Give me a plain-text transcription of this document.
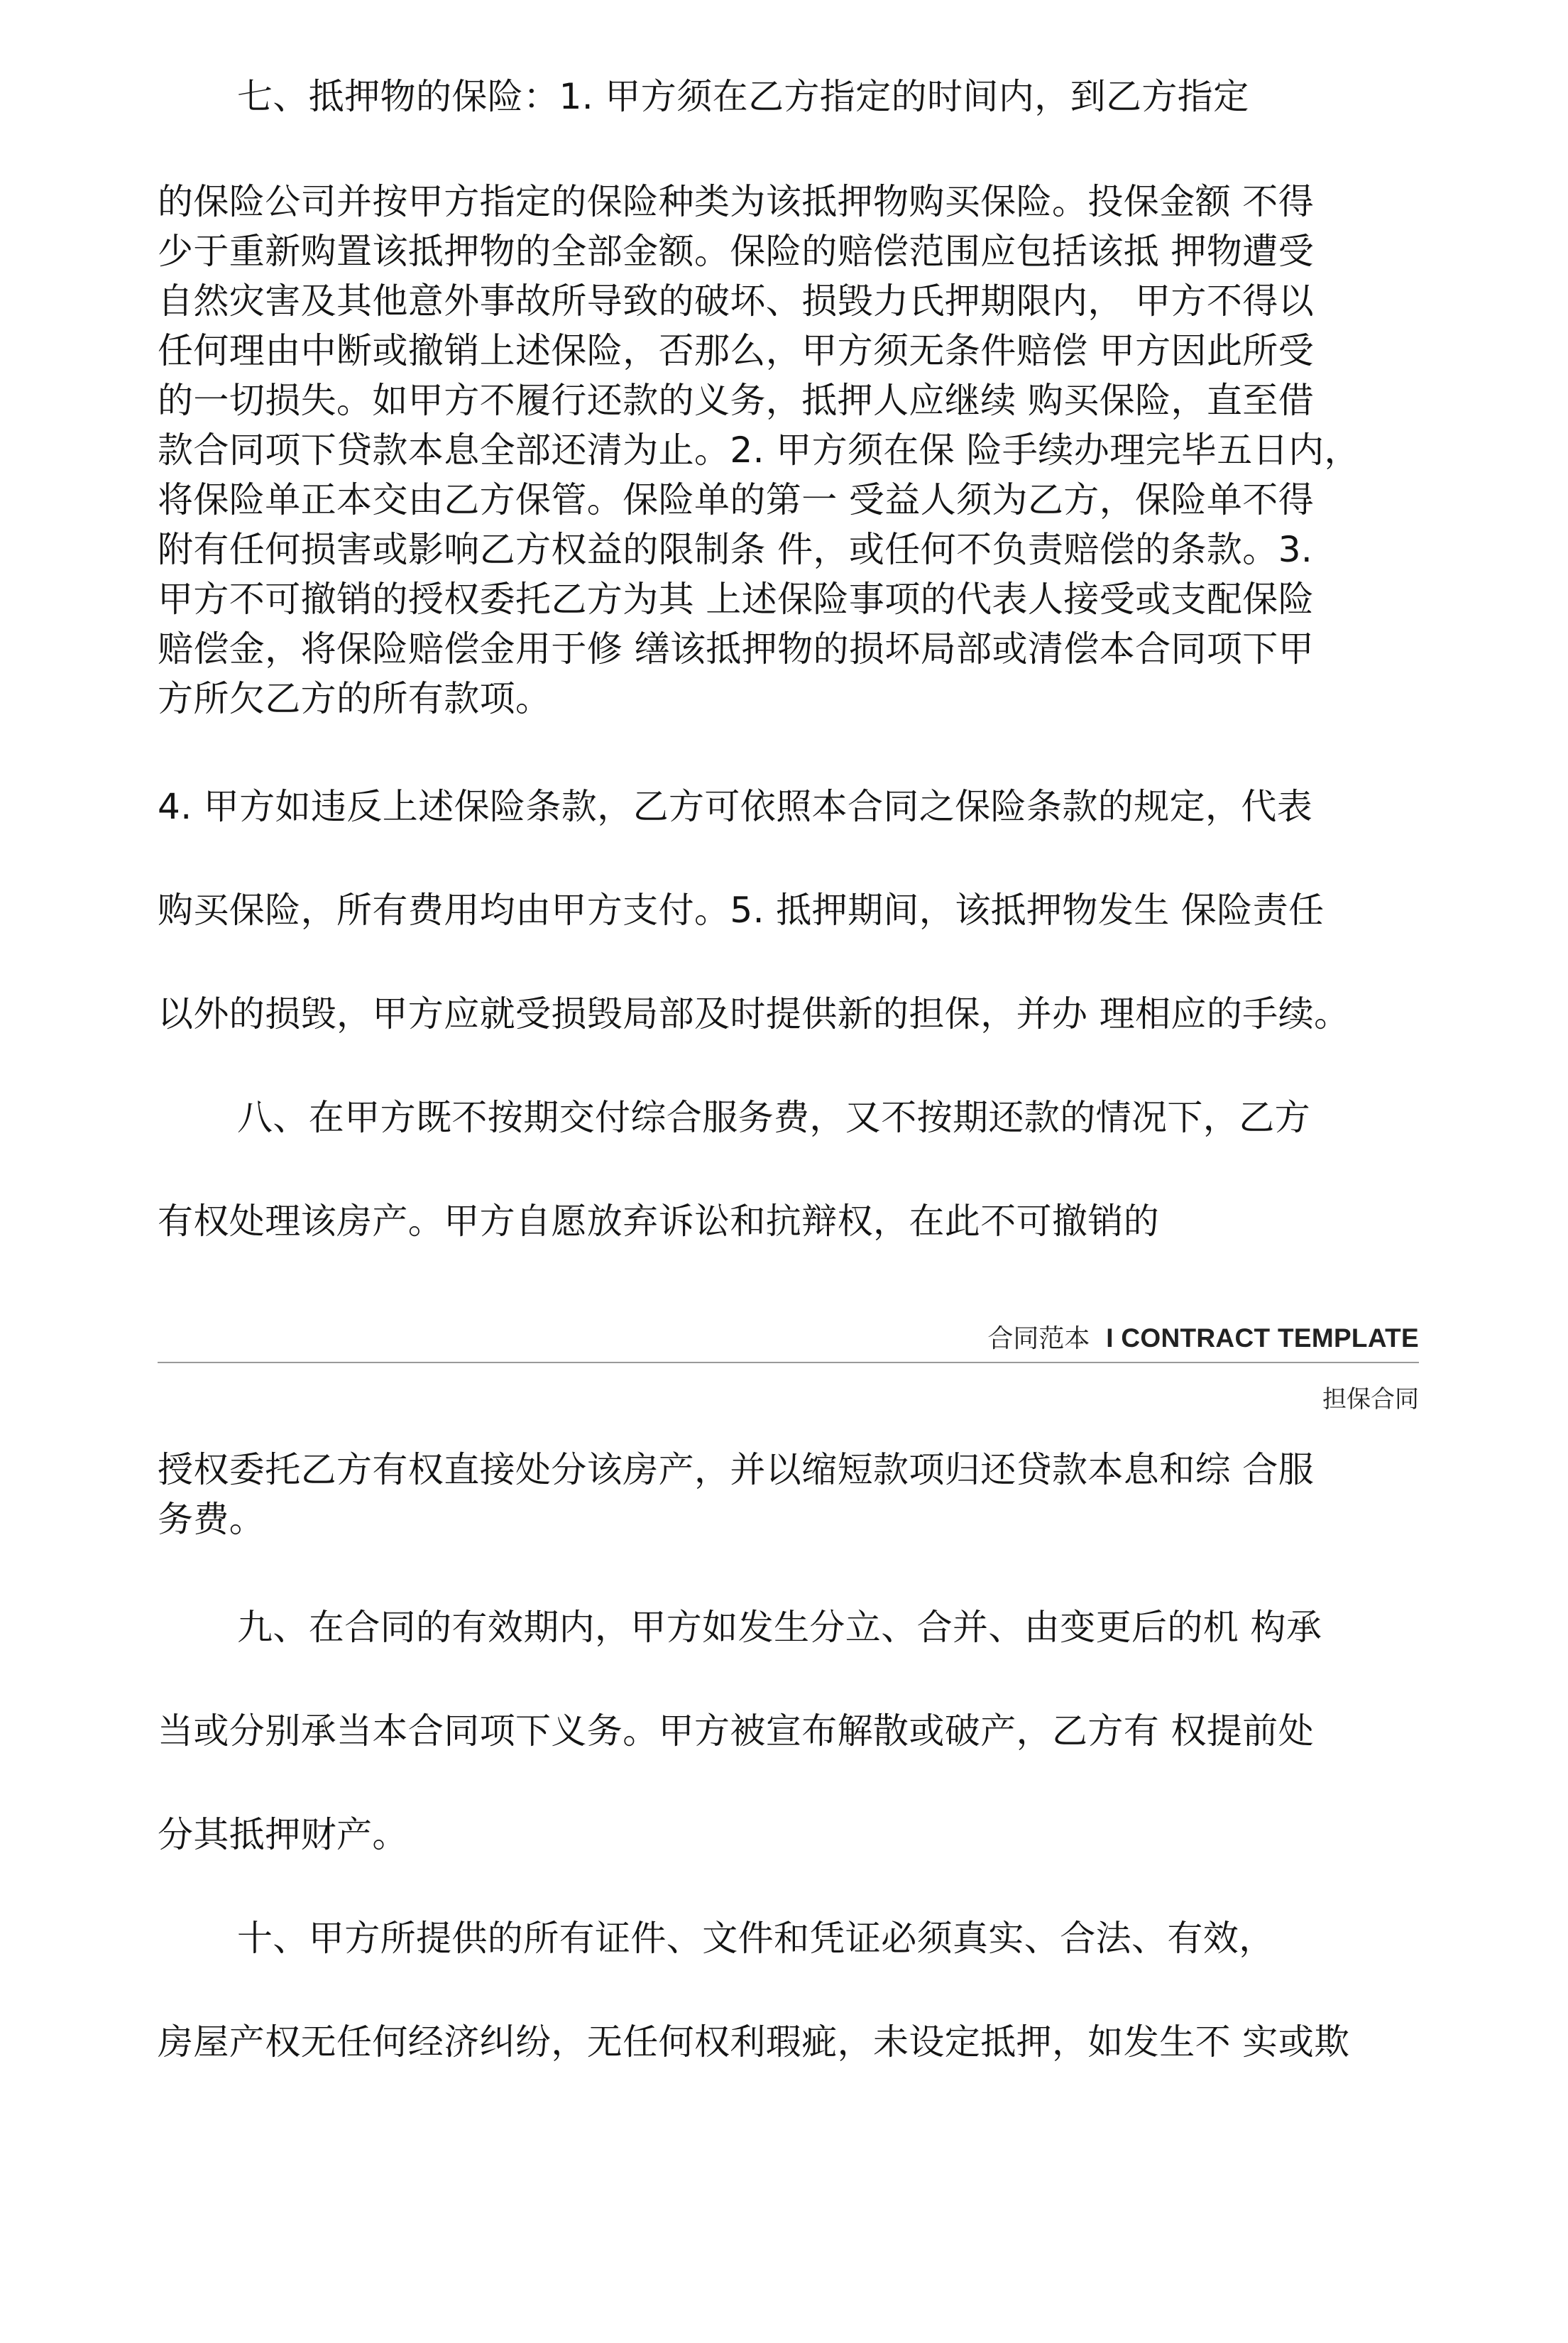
七、抵押物的保险：1. 甲方须在乙方指定的时间内，到乙方指定
的保险公司并按甲方指定的保险种类为该抵押物购买保险。投保金额 不得
少于重新购置该抵押物的全部金额。保险的赔偿范围应包括该抵 押物遭受
自然灾害及其他意外事故所导致的破坏、损毁力氏押期限内， 甲方不得以
任何理由中断或撤销上述保险，否那么，甲方须无条件赔偿 甲方因此所受
的一切损失。如甲方不履行还款的义务，抵押人应继续 购买保险，直至借
款合同项下贷款本息全部还清为止。2. 甲方须在保 险手续办理完毕五日内，
将保险单正本交由乙方保管。保险单的第一 受益人须为乙方，保险单不得
附有任何损害或影响乙方权益的限制条 件，或任何不负责赔偿的条款。3.
甲方不可撤销的授权委托乙方为其 上述保险事项的代表人接受或支配保险
赔偿金，将保险赔偿金用于修 缮该抵押物的损坏局部或清偿本合同项下甲
方所欠乙方的所有款项。
4. 甲方如违反上述保险条款，乙方可依照本合同之保险条款的规定，代表
购买保险，所有费用均由甲方支付。5. 抵押期间，该抵押物发生 保险责任
以外的损毁，甲方应就受损毁局部及时提供新的担保，并办 理相应的手续。
八、在甲方既不按期交付综合服务费，又不按期还款的情况下，乙方
有权处理该房产。甲方自愿放弃诉讼和抗辩权，在此不可撤销的
合同范本 I CONTRACT TEMPLATE
担保合同
授权委托乙方有权直接处分该房产，并以缩短款项归还贷款本息和综 合服
务费。
九、在合同的有效期内，甲方如发生分立、合并、由变更后的机 构承
当或分别承当本合同项下义务。甲方被宣布解散或破产，乙方有 权提前处
分其抵押财产。
十、甲方所提供的所有证件、文件和凭证必须真实、合法、有效，
房屋产权无任何经济纠纷，无任何权利瑕疵，未设定抵押，如发生不 实或欺
